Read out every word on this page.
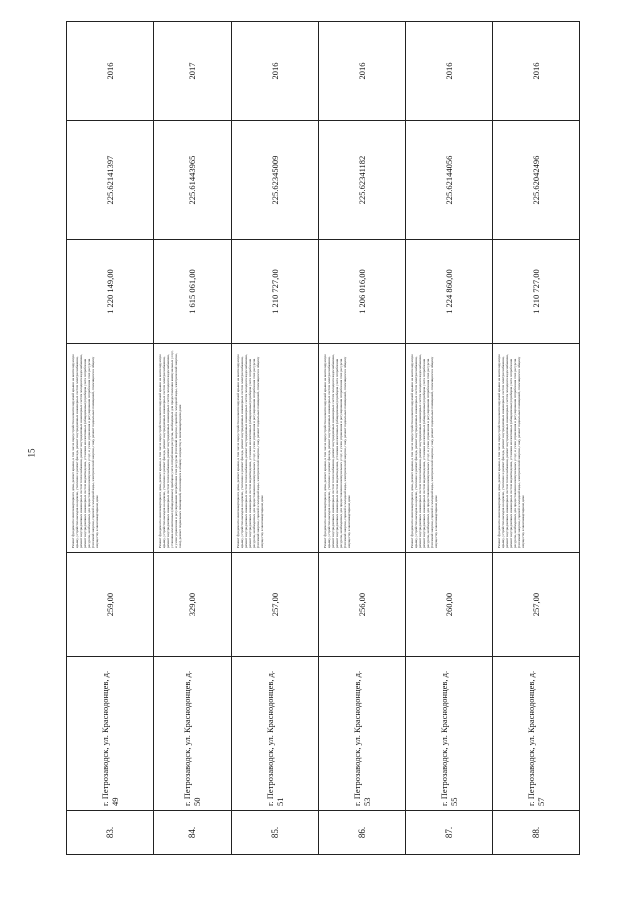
15
83.	г. Петрозаводск, ул. Краснодонцев, д. 49	259,00	Ремонт фундамента многоквартирного дома, ремонт крыши, в том числе переустройство невентилируемой крыши на вентилируемую крышу, устройство выходов на кровлю, утепление и ремонт фасада, ремонт внутридомовых инженерных систем электроснабжения, ремонт внутридомовых инженерных систем теплоснабжения, ремонт внутридомовых инженерных систем холодного водоснабжения, ремонт внутридомовых инженерных систем водоотведения, установка коллективных (общедомовых) приборов учета потребления ресурсов, необходимых для предоставления коммунальных услуг, и узлов управления и регулирования потребления этих ресурсов (тепловой энергии, горячей и холодной воды, электрической энергии, газа), ремонт подвальных помещений, относящихся к общему имуществу в многоквартирном доме	1 220 149,00	225.62141397	2016
84.	г. Петрозаводск, ул. Краснодонцев, д. 50	329,00	Ремонт фундамента многоквартирного дома, ремонт крыши, в том числе переустройство невентилируемой крыши на вентилируемую крышу, устройство выходов на кровлю, утепление и ремонт фасада, ремонт внутридомовых инженерных систем электроснабжения, ремонт внутридомовых инженерных систем теплоснабжения, ремонт внутридомовых инженерных систем холодного водоснабжения, установка коллективных (общедомовых) приборов учета потребления ресурсов, необходимых для предоставления коммунальных услуг, и узлов управления и регулирования потребления этих ресурсов (тепловой энергии, горячей и холодной воды, электрической энергии, газа), ремонт подвальных помещений, относящихся к общему имуществу в многоквартирном доме	1 615 061,00	225.61443965	2017
85.	г. Петрозаводск, ул. Краснодонцев, д. 51	257,00	Ремонт фундамента многоквартирного дома, ремонт крыши, в том числе переустройство невентилируемой крыши на вентилируемую крышу, устройство выходов на кровлю, утепление и ремонт фасада, ремонт внутридомовых инженерных систем электроснабжения, ремонт внутридомовых инженерных систем теплоснабжения, ремонт внутридомовых инженерных систем холодного водоснабжения, ремонт внутридомовых инженерных систем водоотведения, установка коллективных (общедомовых) приборов учета потребления ресурсов, необходимых для предоставления коммунальных услуг, и узлов управления и регулирования потребления этих ресурсов (тепловой энергии, горячей и холодной воды, электрической энергии, газа), ремонт подвальных помещений, относящихся к общему имуществу в многоквартирном доме	1 210 727,00	225.62345009	2016
86.	г. Петрозаводск, ул. Краснодонцев, д. 53	256,00	Ремонт фундамента многоквартирного дома, ремонт крыши, в том числе переустройство невентилируемой крыши на вентилируемую крышу, устройство выходов на кровлю, утепление и ремонт фасада, ремонт внутридомовых инженерных систем электроснабжения, ремонт внутридомовых инженерных систем теплоснабжения, ремонт внутридомовых инженерных систем холодного водоснабжения, ремонт внутридомовых инженерных систем водоотведения, установка коллективных (общедомовых) приборов учета потребления ресурсов, необходимых для предоставления коммунальных услуг, и узлов управления и регулирования потребления этих ресурсов (тепловой энергии, горячей и холодной воды, электрической энергии, газа), ремонт подвальных помещений, относящихся к общему имуществу в многоквартирном доме	1 206 016,00	225.62341182	2016
87.	г. Петрозаводск, ул. Краснодонцев, д. 55	260,00	Ремонт фундамента многоквартирного дома, ремонт крыши, в том числе переустройство невентилируемой крыши на вентилируемую крышу, устройство выходов на кровлю, утепление и ремонт фасада, ремонт внутридомовых инженерных систем электроснабжения, ремонт внутридомовых инженерных систем теплоснабжения, ремонт внутридомовых инженерных систем холодного водоснабжения, ремонт внутридомовых инженерных систем водоотведения, установка коллективных (общедомовых) приборов учета потребления ресурсов, необходимых для предоставления коммунальных услуг, и узлов управления и регулирования потребления этих ресурсов (тепловой энергии, горячей и холодной воды, электрической энергии, газа), ремонт подвальных помещений, относящихся к общему имуществу в многоквартирном доме	1 224 860,00	225.62144056	2016
88.	г. Петрозаводск, ул. Краснодонцев, д. 57	257,00	Ремонт фундамента многоквартирного дома, ремонт крыши, в том числе переустройство невентилируемой крыши на вентилируемую крышу, устройство выходов на кровлю, утепление и ремонт фасада, ремонт внутридомовых инженерных систем электроснабжения, ремонт внутридомовых инженерных систем теплоснабжения, ремонт внутридомовых инженерных систем холодного водоснабжения, ремонт внутридомовых инженерных систем водоотведения, установка коллективных (общедомовых) приборов учета потребления ресурсов, необходимых для предоставления коммунальных услуг, и узлов управления и регулирования потребления этих ресурсов (тепловой энергии, горячей и холодной воды, электрической энергии, газа), ремонт подвальных помещений, относящихся к общему имуществу в многоквартирном доме	1 210 727,00	225.62042496	2016
